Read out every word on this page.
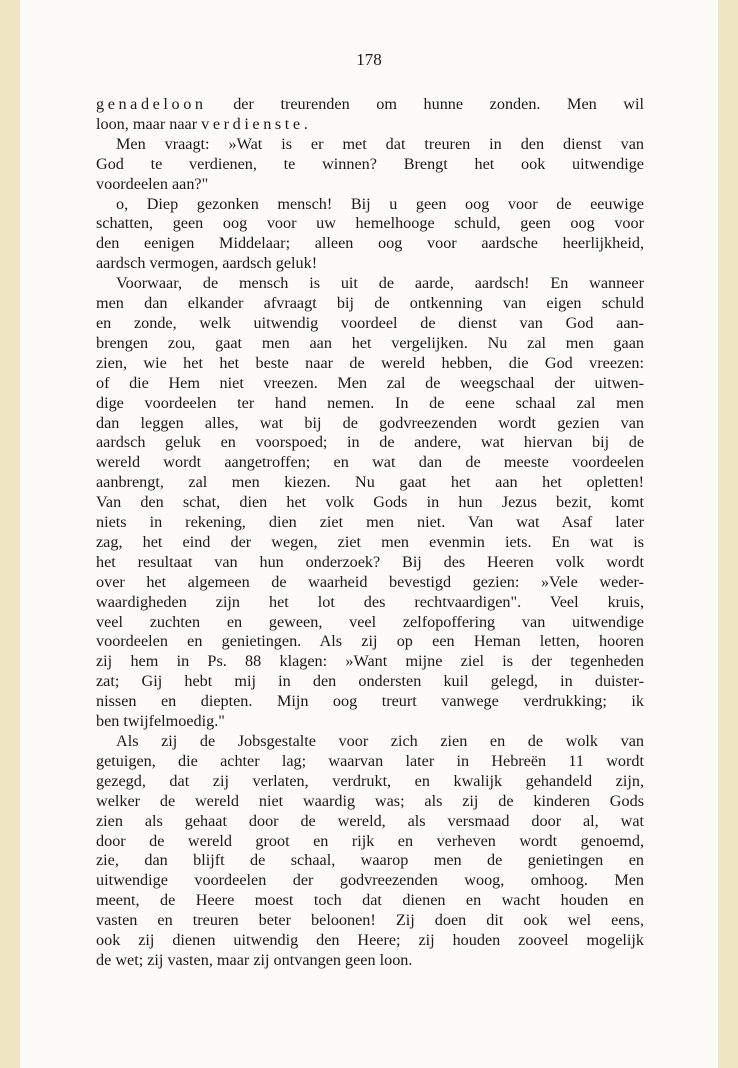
178
genadeloon der treurenden om hunne zonden. Men wil
loon, maar naar verdienste.
Men vraagt: »Wat is er met dat treuren in den dienst van
God te verdienen, te winnen? Brengt het ook uitwendige
voordeelen aan?"
o, Diep gezonken mensch! Bij u geen oog voor de eeuwige
schatten, geen oog voor uw hemelhooge schuld, geen oog voor
den eenigen Middelaar; alleen oog voor aardsche heerlijkheid,
aardsch vermogen, aardsch geluk!
Voorwaar, de mensch is uit de aarde, aardsch! En wanneer
men dan elkander afvraagt bij de ontkenning van eigen schuld
en zonde, welk uitwendig voordeel de dienst van God aan-
brengen zou, gaat men aan het vergelijken. Nu zal men gaan
zien, wie het het beste naar de wereld hebben, die God vreezen:
of die Hem niet vreezen. Men zal de weegschaal der uitwen-
dige voordeelen ter hand nemen. In de eene schaal zal men
dan leggen alles, wat bij de godvreezenden wordt gezien van
aardsch geluk en voorspoed; in de andere, wat hiervan bij de
wereld wordt aangetroffen; en wat dan de meeste voordeelen
aanbrengt, zal men kiezen. Nu gaat het aan het opletten!
Van den schat, dien het volk Gods in hun Jezus bezit, komt
niets in rekening, dien ziet men niet. Van wat Asaf later
zag, het eind der wegen, ziet men evenmin iets. En wat is
het resultaat van hun onderzoek? Bij des Heeren volk wordt
over het algemeen de waarheid bevestigd gezien: »Vele weder-
waardigheden zijn het lot des rechtvaardigen". Veel kruis,
veel zuchten en geween, veel zelfopoffering van uitwendige
voordeelen en genietingen. Als zij op een Heman letten, hooren
zij hem in Ps. 88 klagen: »Want mijne ziel is der tegenheden
zat; Gij hebt mij in den ondersten kuil gelegd, in duister-
nissen en diepten. Mijn oog treurt vanwege verdrukking; ik
ben twijfelmoedig."
Als zij de Jobsgestalte voor zich zien en de wolk van
getuigen, die achter lag; waarvan later in Hebreën 11 wordt
gezegd, dat zij verlaten, verdrukt, en kwalijk gehandeld zijn,
welker de wereld niet waardig was; als zij de kinderen Gods
zien als gehaat door de wereld, als versmaad door al, wat
door de wereld groot en rijk en verheven wordt genoemd,
zie, dan blijft de schaal, waarop men de genietingen en
uitwendige voordeelen der godvreezenden woog, omhoog. Men
meent, de Heere moest toch dat dienen en wacht houden en
vasten en treuren beter beloonen! Zij doen dit ook wel eens,
ook zij dienen uitwendig den Heere; zij houden zooveel mogelijk
de wet; zij vasten, maar zij ontvangen geen loon.
